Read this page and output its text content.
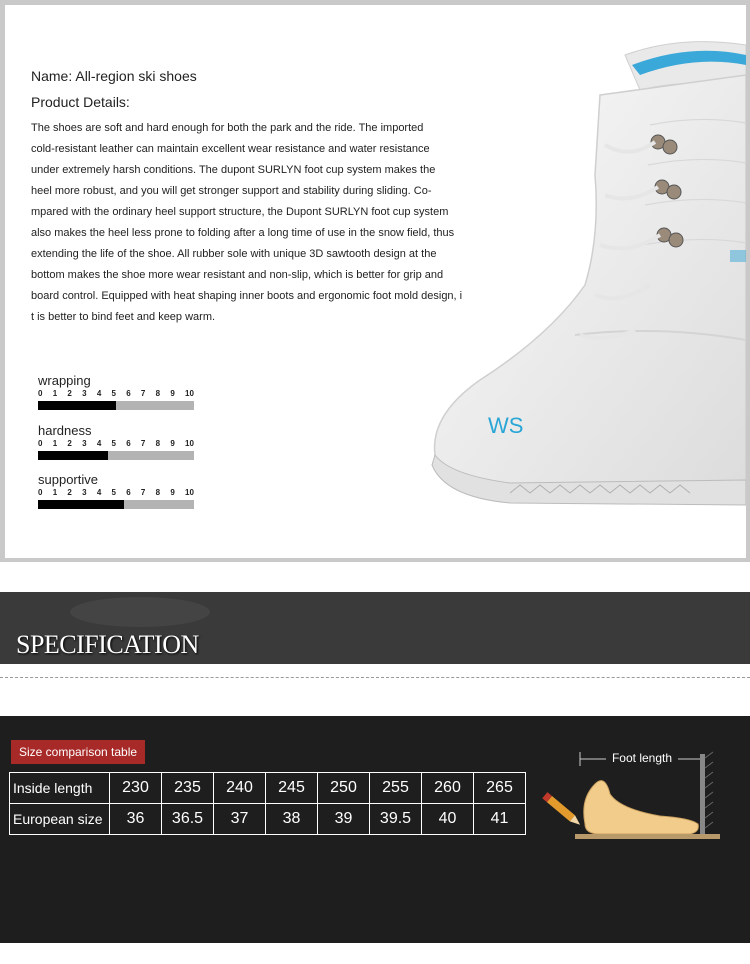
Name: All-region ski shoes
Product Details:
The shoes are soft and hard enough for both the park and the ride. The imported
cold-resistant leather can maintain excellent wear resistance and water resistance
under extremely harsh conditions. The dupont SURLYN foot cup system makes the
heel more robust, and you will get stronger support and stability during sliding. Co-
mpared with the ordinary heel support structure, the Dupont SURLYN foot cup system
also makes the heel less prone to folding after a long time of use in the snow field, thus
extending the life of the shoe. All rubber sole with unique 3D sawtooth design at the
bottom makes the shoe more wear resistant and non-slip, which is better for grip and
board control. Equipped with heat shaping inner boots and ergonomic foot mold design, i
t is better to bind feet and keep warm.
wrapping
0 1 2 3 4 5 6 7 8 9 10
hardness
0 1 2 3 4 5 6 7 8 9 10
supportive
0 1 2 3 4 5 6 7 8 9 10
WS
SPECIFICATION
Size comparison table
Inside length	230	235	240	245	250	255	260	265
European size	36	36.5	37	38	39	39.5	40	41
Foot length
